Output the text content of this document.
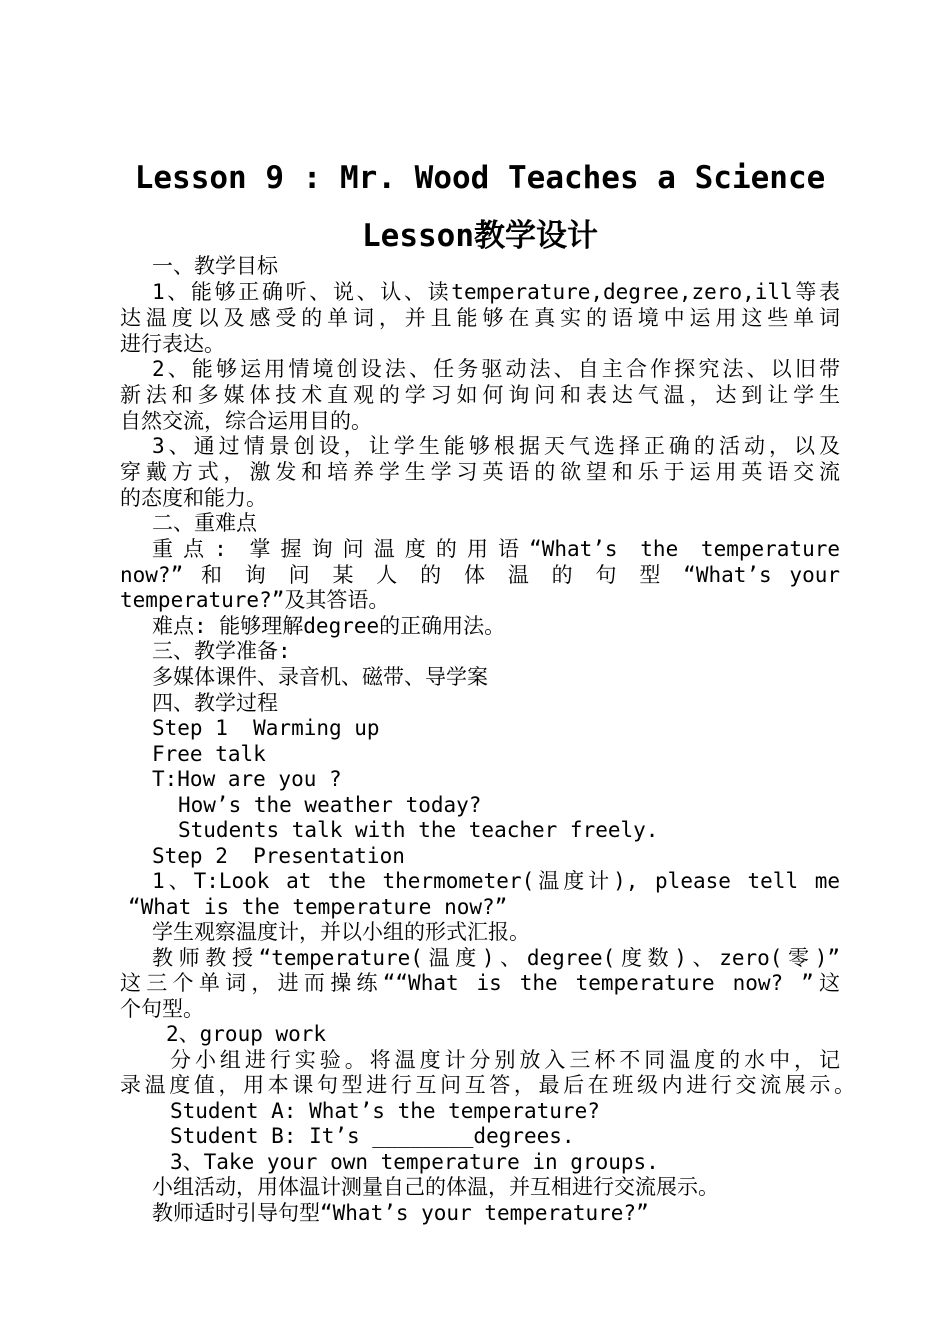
Lesson 9 : Mr. Wood Teaches a Science
Lesson教学设计
一、教学目标
1、能够正确听、说、认、读temperature,degree,zero,ill等表
达温度以及感受的单词，并且能够在真实的语境中运用这些单词
进行表达。
2、能够运用情境创设法、任务驱动法、自主合作探究法、以旧带
新法和多媒体技术直观的学习如何询问和表达气温，达到让学生
自然交流，综合运用目的。
3、通过情景创设，让学生能够根据天气选择正确的活动，以及
穿戴方式，激发和培养学生学习英语的欲望和乐于运用英语交流
的态度和能力。
二、重难点
重点: 掌握询问温度的用语“What’s the temperature
now?” 和 询 问 某 人 的 体 温 的 句 型 “What’s your
temperature?”及其答语。
难点: 能够理解degree的正确用法。
三、教学准备:
多媒体课件、录音机、磁带、导学案
四、教学过程
Step 1  Warming up
Free talk
T:How are you ?
How’s the weather today?
Students talk with the teacher freely.
Step 2  Presentation
1、T:Look at the thermometer(温度计), please tell me
“What is the temperature now?”
学生观察温度计，并以小组的形式汇报。
教师教授“temperature(温度)、degree(度数)、zero(零)”
这三个单词，进而操练““What is the temperature now? ”这
个句型。
2、group work
分小组进行实验。将温度计分别放入三杯不同温度的水中，记
录温度值，用本课句型进行互问互答，最后在班级内进行交流展示。
Student A: What’s the temperature?
Student B: It’s ________degrees.
3、Take your own temperature in groups.
小组活动，用体温计测量自己的体温，并互相进行交流展示。
教师适时引导句型“What’s your temperature?”
